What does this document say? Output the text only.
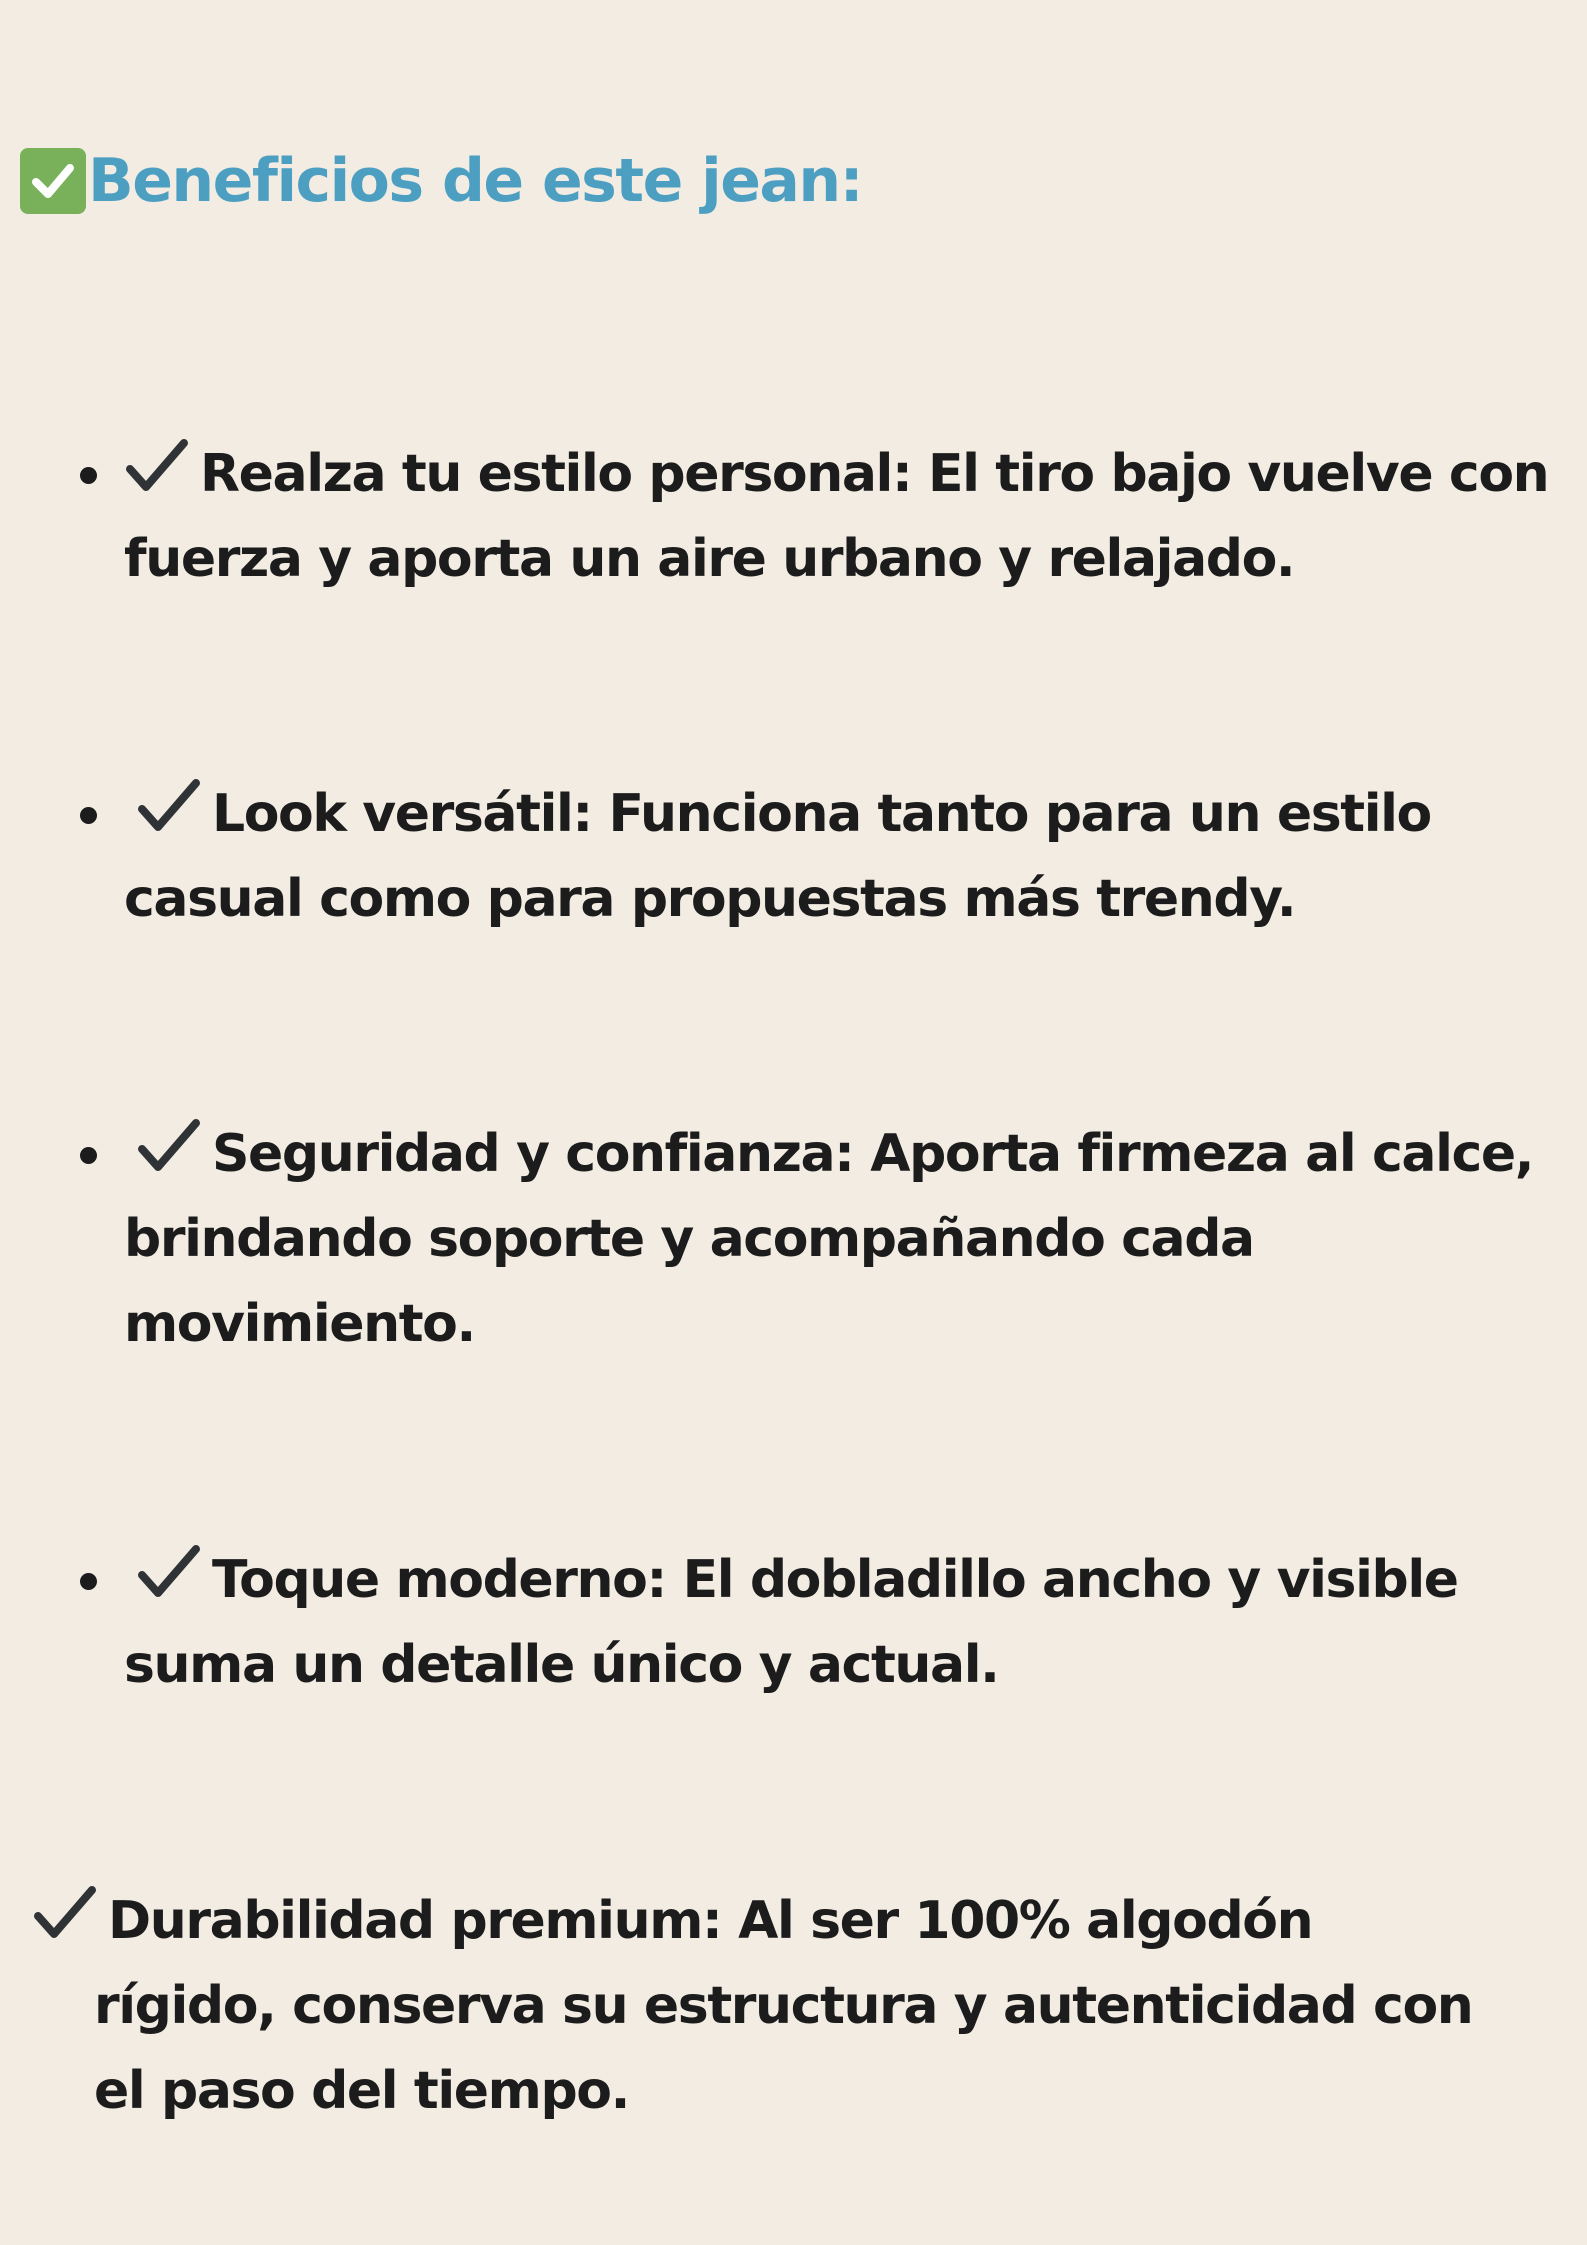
Beneficios de este jean:
Realza tu estilo personal: El tiro bajo vuelve con
fuerza y aporta un aire urbano y relajado.
Look versátil: Funciona tanto para un estilo
casual como para propuestas más trendy.
Seguridad y confianza: Aporta firmeza al calce,
brindando soporte y acompañando cada
movimiento.
Toque moderno: El dobladillo ancho y visible
suma un detalle único y actual.
Durabilidad premium: Al ser 100% algodón
rígido, conserva su estructura y autenticidad con
el paso del tiempo.
